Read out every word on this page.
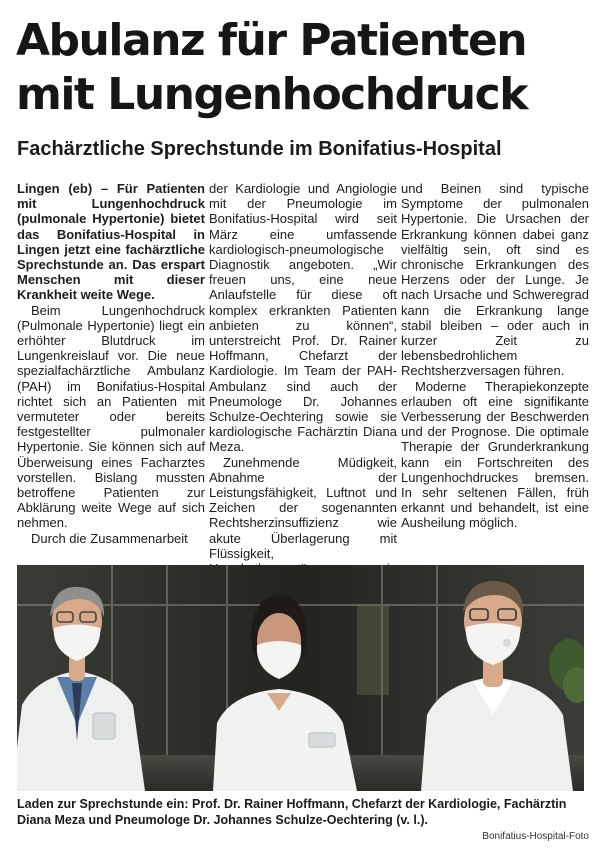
Abulanz für Patienten
mit Lungenhochdruck
Fachärztliche Sprechstunde im Bonifatius-Hospital

Lingen (eb) – Für Patienten mit Lungenhochdruck (pulmonale Hypertonie) bietet das Bonifatius-Hospital in Lingen jetzt eine fachärztliche Sprechstunde an. Das erspart Menschen mit dieser Krankheit weite Wege.

Beim Lungenhochdruck (Pulmonale Hypertonie) liegt ein erhöhter Blutdruck im Lungenkreislauf vor. Die neue spezialfachärztliche Ambulanz (PAH) im Bonifatius-Hospital richtet sich an Patienten mit vermuteter oder bereits festgestellter pulmonaler Hypertonie. Sie können sich auf Überweisung eines Facharztes vorstellen. Bislang mussten betroffene Patienten zur Abklärung weite Wege auf sich nehmen.

Durch die Zusammenarbeit

der Kardiologie und Angiologie mit der Pneumologie im Bonifatius-Hospital wird seit März eine umfassende kardiologisch-pneumologische Diagnostik angeboten. „Wir freuen uns, eine neue Anlaufstelle für diese oft komplex erkrankten Patienten anbieten zu können“, unterstreicht Prof. Dr. Rainer Hoffmann, Chefarzt der Kardiologie. Im Team der PAH-Ambulanz sind auch der Pneumologe Dr. Johannes Schulze-Oechtering sowie sie kardiologische Fachärztin Diana Meza.

Zunehmende Müdigkeit, Abnahme der Leistungsfähigkeit, Luftnot und Zeichen der sogenannten Rechtsherzinsuffizienz wie akute Überlagerung mit Flüssigkeit,

und Beinen sind typische Symptome der pulmonalen Hypertonie. Die Ursachen der Erkrankung können dabei ganz vielfältig sein, oft sind es chronische Erkrankungen des Herzens oder der Lunge. Je nach Ursache und Schweregrad kann die Erkrankung lange stabil bleiben – oder auch in kurzer Zeit zu lebensbedrohlichem Rechtsherzversagen führen.

Moderne Therapiekonzepte erlauben oft eine signifikante Verbesserung der Beschwerden und der Prognose. Die optimale Therapie der Grunderkrankung kann ein Fortschreiten des Lungenhochdruckes bremsen. In sehr seltenen Fällen, früh erkannt und behandelt, ist eine Ausheilung möglich.

Laden zur Sprechstunde ein: Prof. Dr. Rainer Hoffmann, Chefarzt der Kardiologie, Fachärztin Diana Meza und Pneumologe Dr. Johannes Schulze-Oechtering (v. l.).
Bonifatius-Hospital-Foto
